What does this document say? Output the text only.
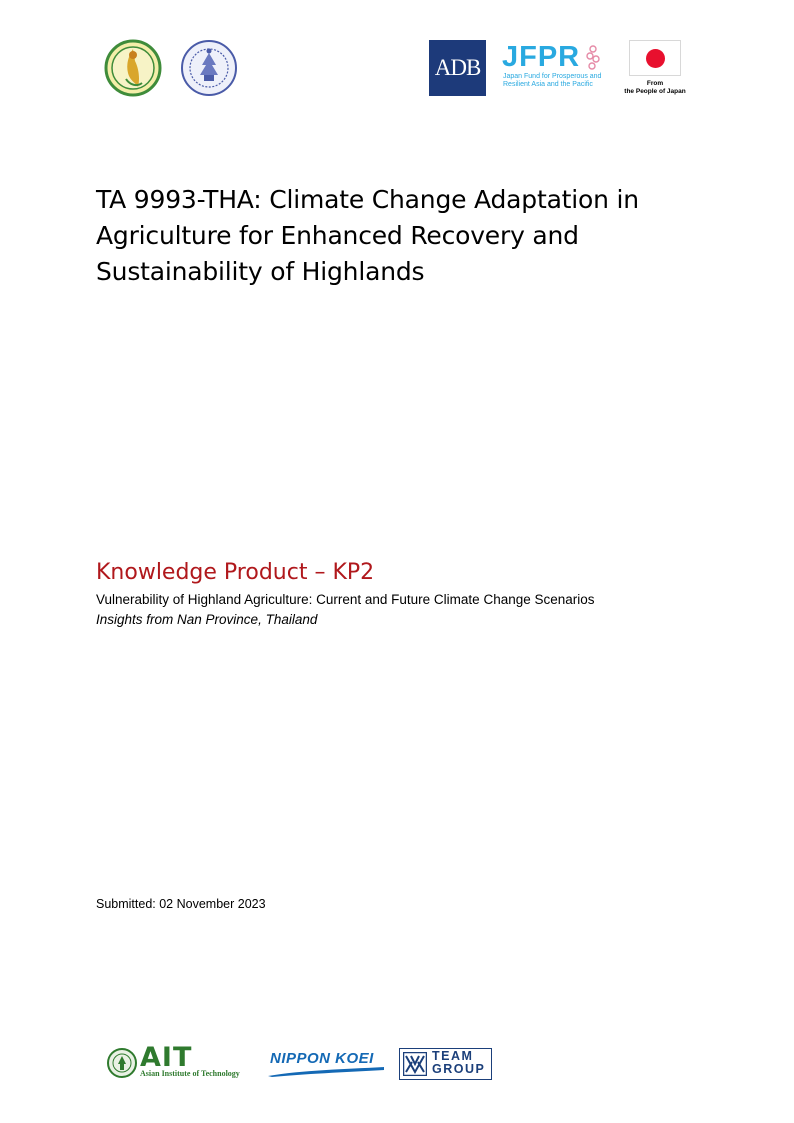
ADB JFPR
Japan Fund for Prosperous and
Resilient Asia and the Pacific	From
the People of Japan
TA 9993-THA: Climate Change Adaptation in Agriculture for Enhanced Recovery and Sustainability of Highlands
Knowledge Product – KP2

Vulnerability of Highland Agriculture: Current and Future Climate Change Scenarios

Insights from Nan Province, Thailand

Submitted: 02 November 2023

AIT
Asian Institute of Technology
NIPPON KOEI	TEAM
GROUP
